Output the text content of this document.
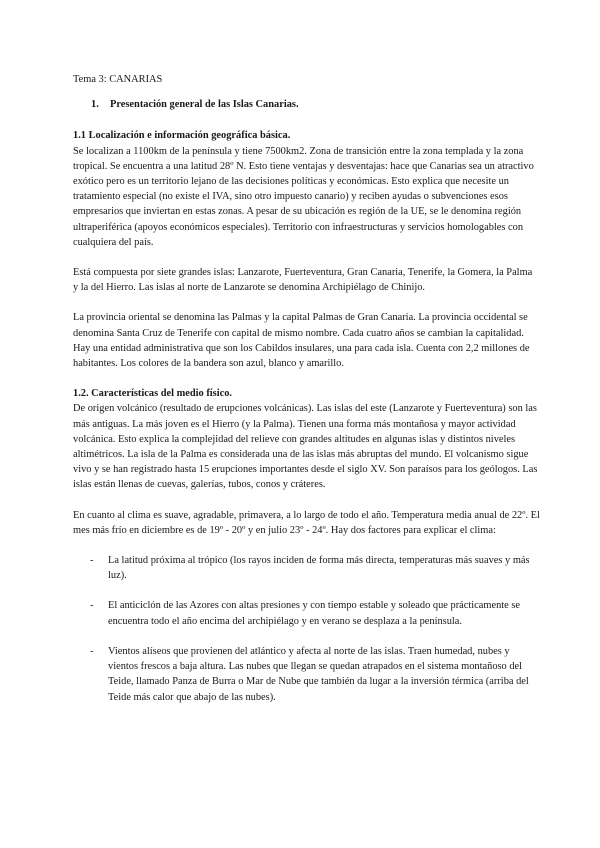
Tema 3: CANARIAS
1.	Presentación general de las Islas Canarias.
1.1 Localización e información geográfica básica.

Se localizan a 1100km de la península y tiene 7500km2. Zona de transición entre la zona templada y la zona tropical. Se encuentra a una latitud 28º N. Esto tiene ventajas y desventajas: hace que Canarias sea un atractivo exótico pero es un territorio lejano de las decisiones políticas y económicas. Esto explica que necesite un tratamiento especial (no existe el IVA, sino otro impuesto canario) y reciben ayudas o subvenciones esos empresarios que inviertan en estas zonas. A pesar de su ubicación es región de la UE, se le denomina región ultraperiférica (apoyos económicos especiales). Territorio con infraestructuras y servicios homologables con cualquiera del país.

Está compuesta por siete grandes islas: Lanzarote, Fuerteventura, Gran Canaria, Tenerife, la Gomera, la Palma y la del Hierro. Las islas al norte de Lanzarote se denomina Archipiélago de Chinijo.

La provincia oriental se denomina las Palmas y la capital Palmas de Gran Canaria. La provincia occidental se denomina Santa Cruz de Tenerife con capital de mismo nombre. Cada cuatro años se cambian la capitalidad. Hay una entidad administrativa que son los Cabildos insulares, una para cada isla. Cuenta con 2,2 millones de

habitantes. Los colores de la bandera son azul, blanco y amarillo.

1.2. Características del medio físico.

De origen volcánico (resultado de erupciones volcánicas). Las islas del este (Lanzarote y Fuerteventura) son las más antiguas. La más joven es el Hierro (y la Palma). Tienen una forma más montañosa y mayor actividad volcánica. Esto explica la complejidad del relieve con grandes altitudes en algunas islas y distintos niveles altimétricos. La isla de la Palma es considerada una de las islas más abruptas del mundo. El volcanismo sigue vivo y se han registrado hasta 15 erupciones importantes desde el siglo XV. Son paraísos para los geólogos. Las islas están llenas de cuevas, galerías, tubos, conos y cráteres.

En cuanto al clima es suave, agradable, primavera, a lo largo de todo el año. Temperatura media anual de 22º. El mes más frío en diciembre es de 19º - 20º y en julio 23º - 24º. Hay dos factores para explicar el clima:

-	La latitud próxima al trópico (los rayos inciden de forma más directa, temperaturas más suaves y más luz).
-	El anticiclón de las Azores con altas presiones y con tiempo estable y soleado que prácticamente se encuentra todo el año encima del archipiélago y en verano se desplaza a la península.
-	Vientos alíseos que provienen del atlántico y afecta al norte de las islas. Traen humedad, nubes y vientos frescos a baja altura. Las nubes que llegan se quedan atrapados en el sistema montañoso del Teide, llamado Panza de Burra o Mar de Nube que también da lugar a la inversión térmica (arriba del Teide más calor que abajo de las nubes).
